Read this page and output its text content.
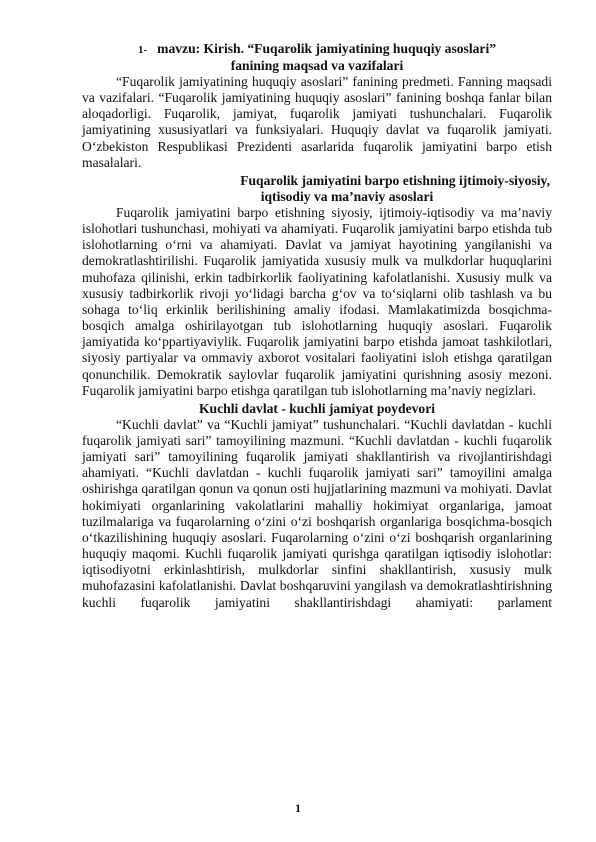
1- mavzu: Kirish. “Fuqarolik jamiyatining huquqiy asoslari”
fanining maqsad va vazifalari

“Fuqarolik jamiyatining huquqiy asoslari” fanining predmeti. Fanning maqsadi va vazifalari. “Fuqarolik jamiyatining huquqiy asoslari” fanining boshqa fanlar bilan aloqadorligi. Fuqarolik, jamiyat, fuqarolik jamiyati tushunchalari. Fuqarolik jamiyatining xususiyatlari va funksiyalari. Huquqiy davlat va fuqarolik jamiyati. O‘zbekiston Respublikasi Prezidenti asarlarida fuqarolik jamiyatini barpo etish masalalari.

Fuqarolik jamiyatini barpo etishning ijtimoiy-siyosiy,
iqtisodiy va ma’naviy asoslari

Fuqarolik jamiyatini barpo etishning siyosiy, ijtimoiy-iqtisodiy va ma’naviy islohotlari tushunchasi, mohiyati va ahamiyati. Fuqarolik jamiyatini barpo etishda tub islohotlarning o‘rni va ahamiyati. Davlat va jamiyat hayotining yangilanishi va demokratlashtirilishi. Fuqarolik jamiyatida xususiy mulk va mulkdorlar huquqlarini muhofaza qilinishi, erkin tadbirkorlik faoliyatining kafolatlanishi. Xususiy mulk va xususiy tadbirkorlik rivoji yo‘lidagi barcha g‘ov va to‘siqlarni olib tashlash va bu sohaga to‘liq erkinlik berilishining amaliy ifodasi. Mamlakatimizda bosqichma-bosqich amalga oshirilayotgan tub islohotlarning huquqiy asoslari. Fuqarolik jamiyatida ko‘ppartiyaviylik. Fuqarolik jamiyatini barpo etishda jamoat tashkilotlari, siyosiy partiyalar va ommaviy axborot vositalari faoliyatini isloh etishga qaratilgan qonunchilik. Demokratik saylovlar fuqarolik jamiyatini qurishning asosiy mezoni. Fuqarolik jamiyatini barpo etishga qaratilgan tub islohotlarning ma’naviy negizlari.

Kuchli davlat - kuchli jamiyat poydevori

“Kuchli davlat” va “Kuchli jamiyat” tushunchalari. “Kuchli davlatdan - kuchli fuqarolik jamiyati sari” tamoyilining mazmuni. “Kuchli davlatdan - kuchli fuqarolik jamiyati sari” tamoyilining fuqarolik jamiyati shakllantirish va rivojlantirishdagi ahamiyati. “Kuchli davlatdan - kuchli fuqarolik jamiyati sari” tamoyilini amalga oshirishga qaratilgan qonun va qonun osti hujjatlarining mazmuni va mohiyati. Davlat hokimiyati organlarining vakolatlarini mahalliy hokimiyat organlariga, jamoat tuzilmalariga va fuqarolarning o‘zini o‘zi boshqarish organlariga bosqichma-bosqich o‘tkazilishining huquqiy asoslari. Fuqarolarning o‘zini o‘zi boshqarish organlarining huquqiy maqomi. Kuchli fuqarolik jamiyati qurishga qaratilgan iqtisodiy islohotlar: iqtisodiyotni erkinlashtirish, mulkdorlar sinfini shakllantirish, xususiy mulk muhofazasini kafolatlanishi. Davlat boshqaruvini yangilash va demokratlashtirishning kuchli fuqarolik jamiyatini shakllantirishdagi ahamiyati: parlament

1
